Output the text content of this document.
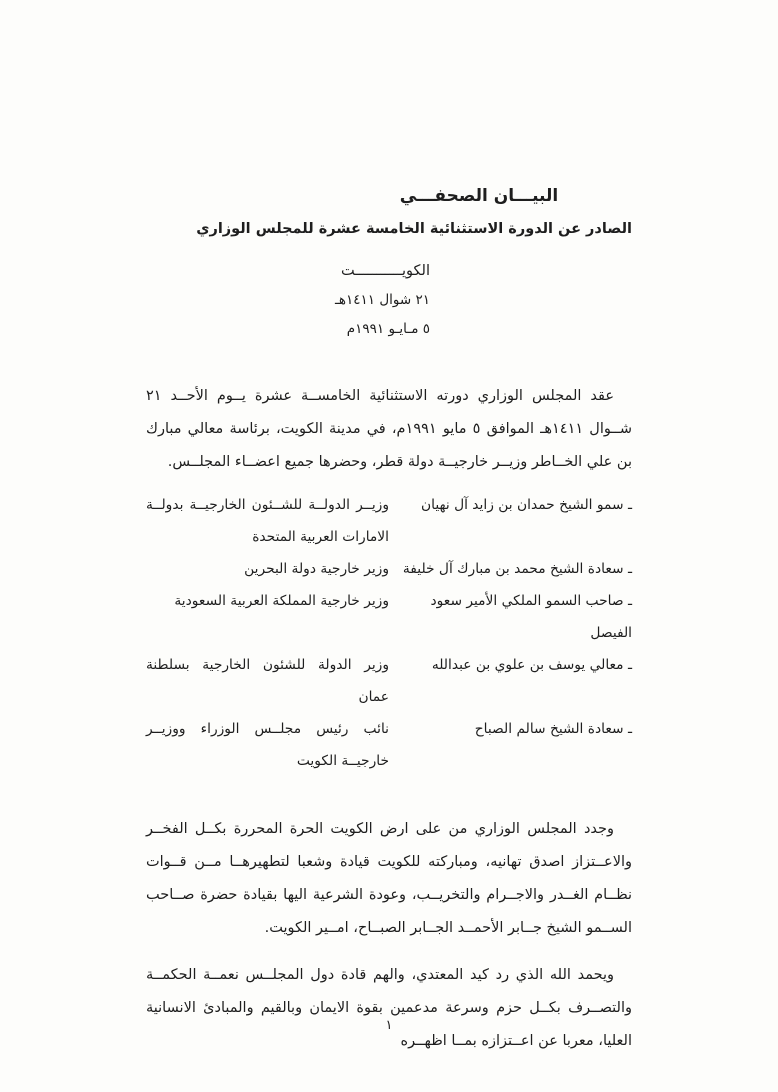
البيـــان الصحفـــي
الصادر عن الدورة الاستثنائية الخامسة عشرة للمجلس الوزاري
الكويـــــــــــت
٢١ شوال ١٤١١هـ
٥ مـايـو ١٩٩١م

عقد المجلس الوزاري دورته الاستثنائية الخامســة عشرة يــوم الأحــد ٢١ شــوال ١٤١١هـ الموافق ٥ مايو ١٩٩١م، في مدينة الكويت، برئاسة معالي مبارك بن علي الخــاطر وزيــر خارجيــة دولة قطر، وحضرها جميع اعضــاء المجلــس.

ـ سمو الشيخ حمدان بن زايد آل نهيان
وزيــر الدولــة للشــئون الخارجيــة بدولــة الامارات العربية المتحدة
ـ سعادة الشيخ محمد بن مبارك آل خليفة
وزير خارجية دولة البحرين
ـ صاحب السمو الملكي الأمير سعود الفيصل
وزير خارجية المملكة العربية السعودية
ـ معالي يوسف بن علوي بن عبدالله
وزير الدولة للشئون الخارجية بسلطنة عمان
ـ سعادة الشيخ سالم الصباح
نائب رئيس مجلــس الوزراء ووزيــر خارجيــة الكويت

وجدد المجلس الوزاري من على ارض الكويت الحرة المحررة بكــل الفخــر والاعــتزاز اصدق تهانيه، ومباركته للكويت قيادة وشعبا لتطهيرهــا مــن قــوات نظــام الغــدر والاجــرام والتخريــب، وعودة الشرعية اليها بقيادة حضرة صــاحب الســمو الشيخ جــابر الأحمــد الجــابر الصبــاح، امــير الكويت.

ويحمد الله الذي رد كيد المعتدي، والهم قادة دول المجلــس نعمــة الحكمــة والتصــرف بكــل حزم وسرعة مدعمين بقوة الايمان وبالقيم والمبادئ الانسانية العليا، معربا عن اعــتزازه بمــا اظهــره

١
